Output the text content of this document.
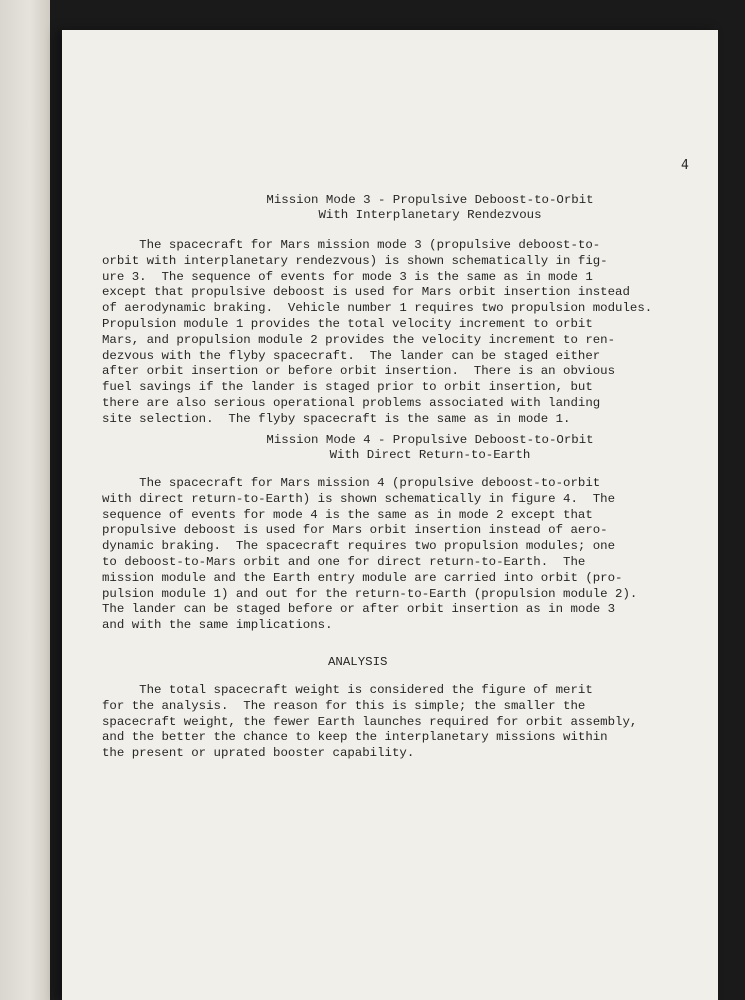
4
Mission Mode 3 - Propulsive Deboost-to-Orbit
With Interplanetary Rendezvous
The spacecraft for Mars mission mode 3 (propulsive deboost-to-
orbit with interplanetary rendezvous) is shown schematically in fig-
ure 3.  The sequence of events for mode 3 is the same as in mode 1
except that propulsive deboost is used for Mars orbit insertion instead
of aerodynamic braking.  Vehicle number 1 requires two propulsion modules.
Propulsion module 1 provides the total velocity increment to orbit
Mars, and propulsion module 2 provides the velocity increment to ren-
dezvous with the flyby spacecraft.  The lander can be staged either
after orbit insertion or before orbit insertion.  There is an obvious
fuel savings if the lander is staged prior to orbit insertion, but
there are also serious operational problems associated with landing
site selection.  The flyby spacecraft is the same as in mode 1.
Mission Mode 4 - Propulsive Deboost-to-Orbit
With Direct Return-to-Earth
The spacecraft for Mars mission 4 (propulsive deboost-to-orbit
with direct return-to-Earth) is shown schematically in figure 4.  The
sequence of events for mode 4 is the same as in mode 2 except that
propulsive deboost is used for Mars orbit insertion instead of aero-
dynamic braking.  The spacecraft requires two propulsion modules; one
to deboost-to-Mars orbit and one for direct return-to-Earth.  The
mission module and the Earth entry module are carried into orbit (pro-
pulsion module 1) and out for the return-to-Earth (propulsion module 2).
The lander can be staged before or after orbit insertion as in mode 3
and with the same implications.
ANALYSIS
The total spacecraft weight is considered the figure of merit
for the analysis.  The reason for this is simple; the smaller the
spacecraft weight, the fewer Earth launches required for orbit assembly,
and the better the chance to keep the interplanetary missions within
the present or uprated booster capability.
